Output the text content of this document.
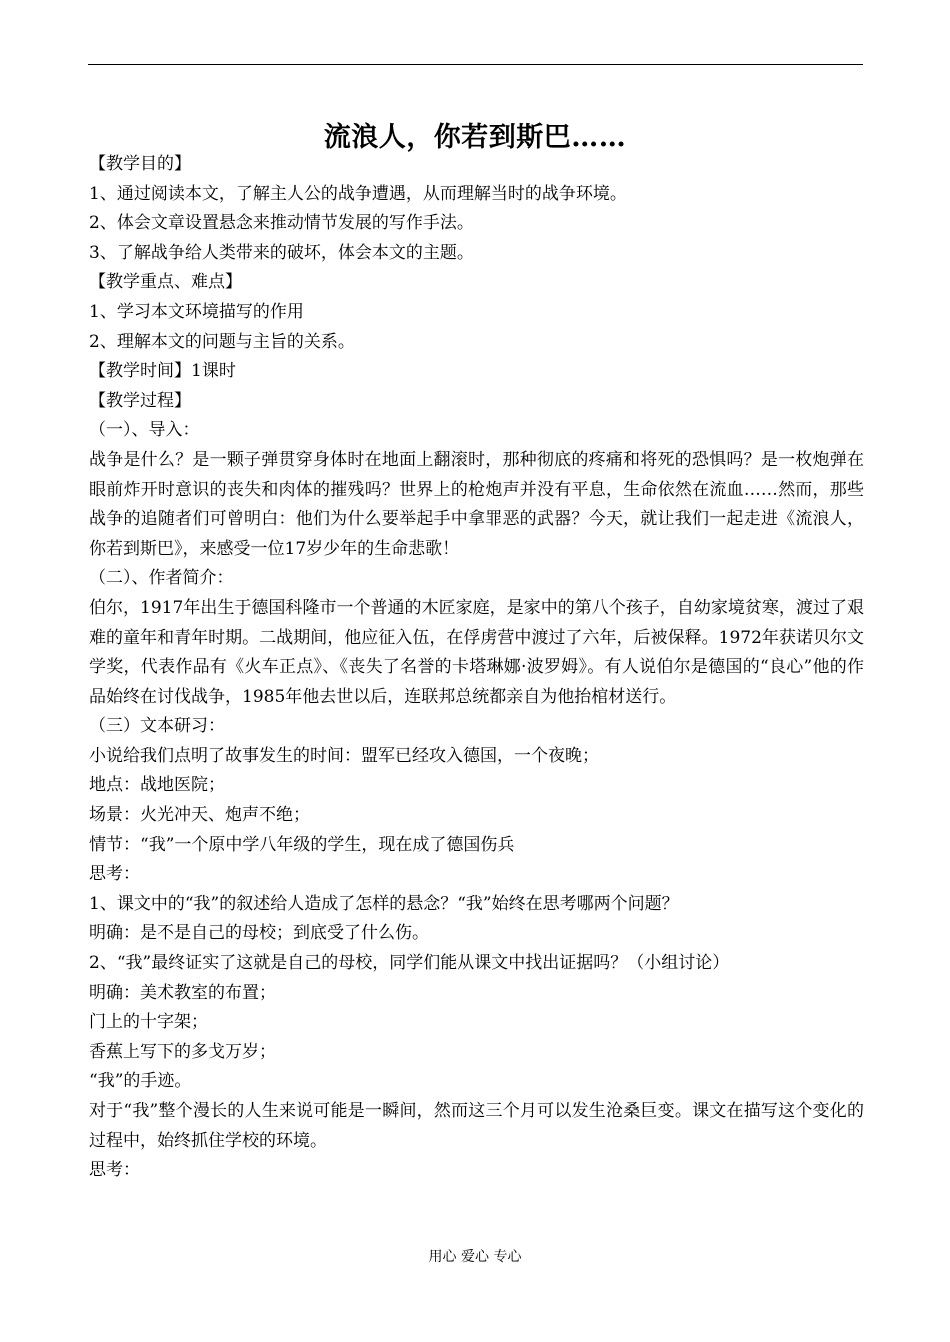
流浪人，你若到斯巴……

【教学目的】

1、通过阅读本文，了解主人公的战争遭遇，从而理解当时的战争环境。

2、体会文章设置悬念来推动情节发展的写作手法。

3、了解战争给人类带来的破坏，体会本文的主题。

【教学重点、难点】

1、学习本文环境描写的作用

2、理解本文的问题与主旨的关系。

【教学时间】1课时

【教学过程】

（一）、导入：

战争是什么？是一颗子弹贯穿身体时在地面上翻滚时，那种彻底的疼痛和将死的恐惧吗？是一枚炮弹在眼前炸开时意识的丧失和肉体的摧残吗？世界上的枪炮声并没有平息，生命依然在流血……然而，那些战争的追随者们可曾明白：他们为什么要举起手中拿罪恶的武器？今天，就让我们一起走进《流浪人，你若到斯巴》，来感受一位17岁少年的生命悲歌！

（二）、作者简介：

伯尔，1917年出生于德国科隆市一个普通的木匠家庭，是家中的第八个孩子，自幼家境贫寒，渡过了艰难的童年和青年时期。二战期间，他应征入伍，在俘虏营中渡过了六年，后被保释。1972年获诺贝尔文学奖，代表作品有《火车正点》、《丧失了名誉的卡塔琳娜·波罗姆》。有人说伯尔是德国的“良心”他的作品始终在讨伐战争，1985年他去世以后，连联邦总统都亲自为他抬棺材送行。

（三）文本研习：

小说给我们点明了故事发生的时间：盟军已经攻入德国，一个夜晚；

地点：战地医院；

场景：火光冲天、炮声不绝；

情节：“我”一个原中学八年级的学生，现在成了德国伤兵

思考：

1、课文中的“我”的叙述给人造成了怎样的悬念？“我”始终在思考哪两个问题？

明确：是不是自己的母校；到底受了什么伤。

2、“我”最终证实了这就是自己的母校，同学们能从课文中找出证据吗？（小组讨论）

明确：美术教室的布置；

门上的十字架；

香蕉上写下的多戈万岁；

“我”的手迹。

对于“我”整个漫长的人生来说可能是一瞬间，然而这三个月可以发生沧桑巨变。课文在描写这个变化的过程中，始终抓住学校的环境。

思考：

用心 爱心 专心
